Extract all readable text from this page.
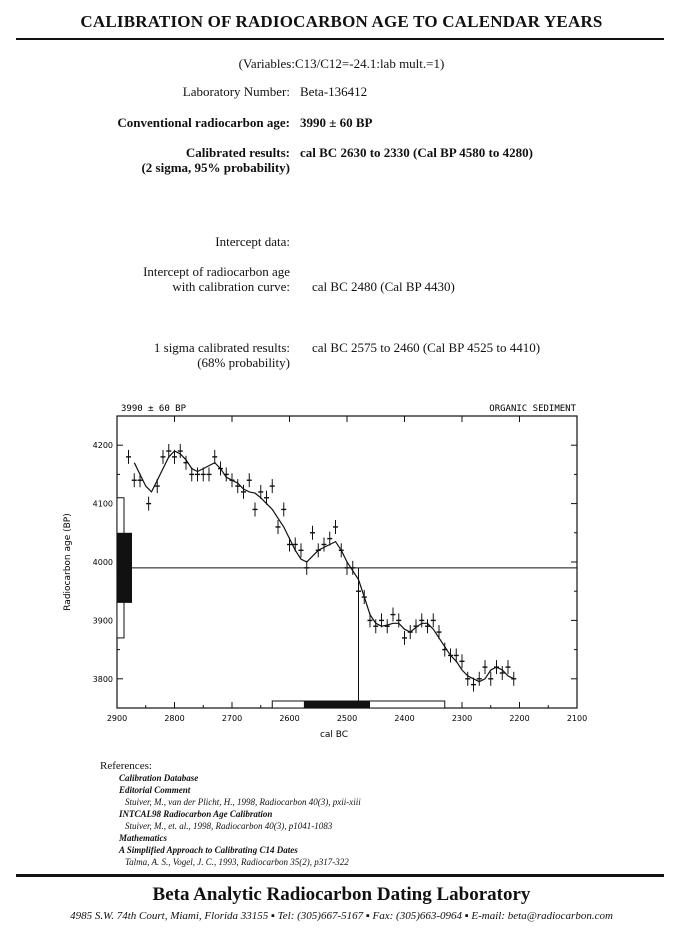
CALIBRATION OF RADIOCARBON AGE TO CALENDAR YEARS
(Variables:C13/C12=-24.1:lab mult.=1)
Laboratory Number: Beta-136412
Conventional radiocarbon age: 3990 ± 60 BP
Calibrated results:
(2 sigma, 95% probability)
cal BC 2630 to 2330 (Cal BP 4580 to 4280)
Intercept data:
Intercept of radiocarbon age
with calibration curve: cal BC 2480 (Cal BP 4430)
1 sigma calibrated results:
(68% probability)
cal BC 2575 to 2460 (Cal BP 4525 to 4410)
3990 ± 60 BP	ORGANIC SEDIMENT
2900	2800	2700	2600	2500	2400	2300	2200	2100
4200
4100
4000
3900
3800
cal BC
Radiocarbon age (BP)
References:
Calibration Database
Editorial Comment
Stuiver, M., van der Plicht, H., 1998, Radiocarbon 40(3), pxii-xiii
INTCAL98 Radiocarbon Age Calibration
Stuiver, M., et. al., 1998, Radiocarbon 40(3), p1041-1083
Mathematics
A Simplified Approach to Calibrating C14 Dates
Talma, A. S., Vogel, J. C., 1993, Radiocarbon 35(2), p317-322
Beta Analytic Radiocarbon Dating Laboratory
4985 S.W. 74th Court, Miami, Florida 33155 ▪ Tel: (305)667-5167 ▪ Fax: (305)663-0964 ▪ E-mail: beta@radiocarbon.com
